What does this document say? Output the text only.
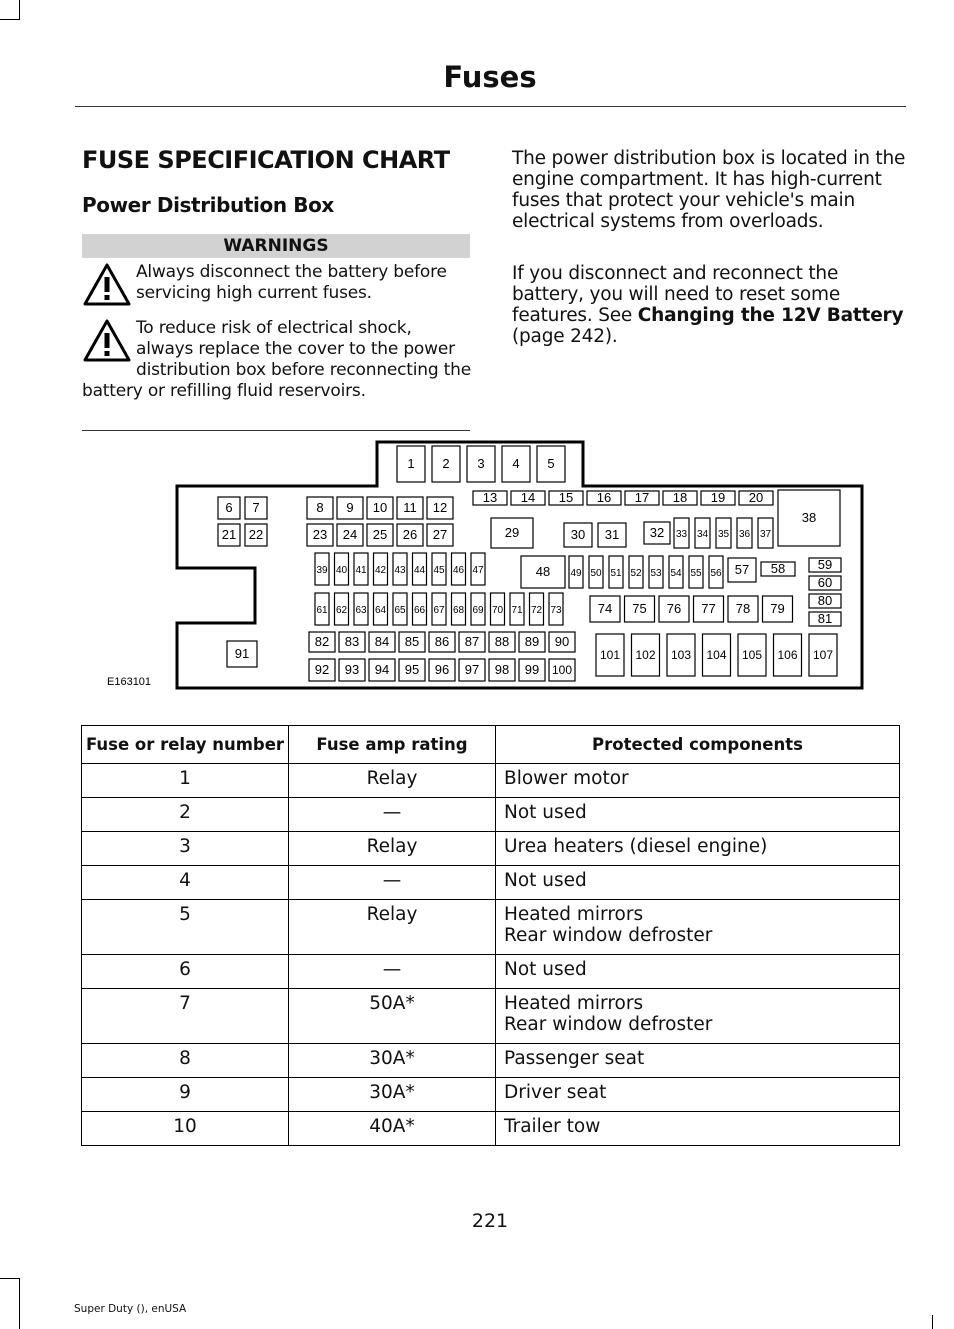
Fuses
FUSE SPECIFICATION CHART
Power Distribution Box
WARNINGS
Always disconnect the battery before servicing high current fuses.
To reduce risk of electrical shock, always replace the cover to the power distribution box before reconnecting the battery or refilling fluid reservoirs.

The power distribution box is located in the engine compartment. It has high-current fuses that protect your vehicle's main electrical systems from overloads.

If you disconnect and reconnect the battery, you will need to reset some features. See Changing the 12V Battery (page 242).

E163101
1 2 3 4 5
6 7	8 9 10 11 12
13 14 15 16 17 18 19 20
21 22	23 24 25 26 27	29	30 31 32 33 34 35 36 37
38
39 40 41 42 43 44 45 46 47	48 49 50 51 52 53 54 55 56 57 58	59
60
61 62 63 64 65 66 67 68 69 70 71 72 73	74 75 76 77 78 79
80
81
82 83 84 85 86 87 88 89 90
91
92 93 94 95 96 97 98 99 100
101 102 103 104 105 106 107
Fuse or relay number	Fuse amp rating	Protected components
1	Relay	Blower motor
2	—	Not used
3	Relay	Urea heaters (diesel engine)
4	—	Not used
5	Relay	Heated mirrors
Rear window defroster
6	—	Not used
7	50A*	Heated mirrors
Rear window defroster
8	30A*	Passenger seat
9	30A*	Driver seat
10	40A*	Trailer tow
221
Super Duty (), enUSA
